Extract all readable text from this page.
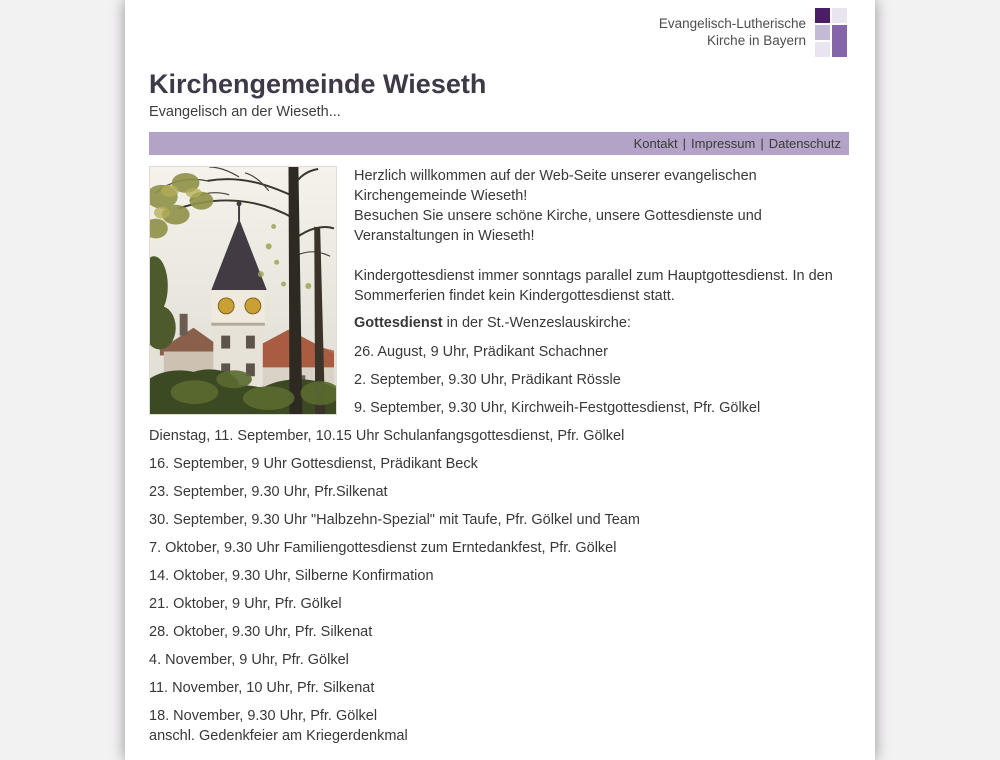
Evangelisch-Lutherische
Kirche in Bayern
Kirchengemeinde Wieseth

Evangelisch an der Wieseth...

Kontakt | Impressum | Datenschutz

Herzlich willkommen auf der Web-Seite unserer evangelischen Kirchengemeinde Wieseth!
Besuchen Sie unsere schöne Kirche, unsere Gottesdienste und Veranstaltungen in Wieseth!

Kindergottesdienst immer sonntags parallel zum Hauptgottesdienst. In den Sommerferien findet kein Kindergottesdienst statt.

Gottesdienst in der St.-Wenzeslauskirche:

26. August, 9 Uhr, Prädikant Schachner

2. September, 9.30 Uhr, Prädikant Rössle

9. September, 9.30 Uhr, Kirchweih-Festgottesdienst, Pfr. Gölkel

Dienstag, 11. September, 10.15 Uhr Schulanfangsgottesdienst, Pfr. Gölkel

16. September, 9 Uhr Gottesdienst, Prädikant Beck

23. September, 9.30 Uhr, Pfr.Silkenat

30. September, 9.30 Uhr "Halbzehn-Spezial" mit Taufe, Pfr. Gölkel und Team

7. Oktober, 9.30 Uhr Familiengottesdienst zum Erntedankfest, Pfr. Gölkel

14. Oktober, 9.30 Uhr, Silberne Konfirmation

21. Oktober, 9 Uhr, Pfr. Gölkel

28. Oktober, 9.30 Uhr, Pfr. Silkenat

4. November, 9 Uhr, Pfr. Gölkel

11. November, 10 Uhr, Pfr. Silkenat

18. November, 9.30 Uhr, Pfr. Gölkel
anschl. Gedenkfeier am Kriegerdenkmal
